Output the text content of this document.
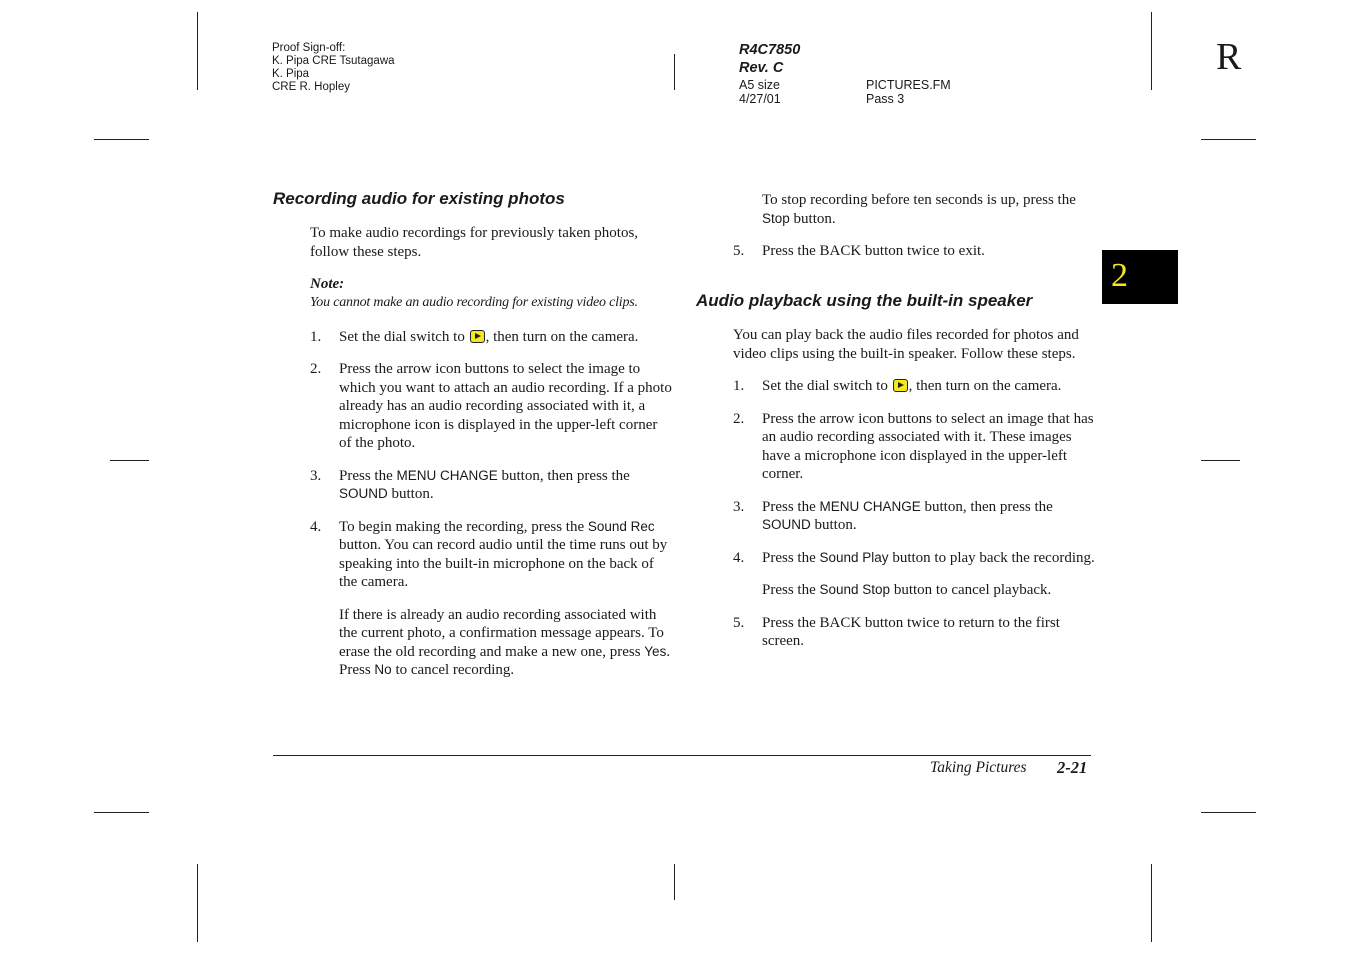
Proof Sign-off:
K. Pipa CRE Tsutagawa
K. Pipa
CRE R. Hopley
R4C7850
Rev. C
A5 size
4/27/01
PICTURES.FM
Pass 3
R
2
Recording audio for existing photos

To make audio recordings for previously taken photos, follow these steps.

Note:
You cannot make an audio recording for existing video clips.
1. Set the dial switch to , then turn on the camera.
2. Press the arrow icon buttons to select the image to which you want to attach an audio recording. If a photo already has an audio recording associated with it, a microphone icon is displayed in the upper-left corner of the photo.
3. Press the MENU CHANGE button, then press the SOUND button.
4. To begin making the recording, press the Sound Rec button. You can record audio until the time runs out by speaking into the built-in microphone on the back of the camera.
If there is already an audio recording associated with the current photo, a confirmation message appears. To erase the old recording and make a new one, press Yes. Press No to cancel recording.
To stop recording before ten seconds is up, press the Stop button.
5. Press the BACK button twice to exit.
Audio playback using the built-in speaker

You can play back the audio files recorded for photos and video clips using the built-in speaker. Follow these steps.

1. Set the dial switch to , then turn on the camera.
2. Press the arrow icon buttons to select an image that has an audio recording associated with it. These images have a microphone icon displayed in the upper-left corner.
3. Press the MENU CHANGE button, then press the SOUND button.
4. Press the Sound Play button to play back the recording.
Press the Sound Stop button to cancel playback.
5. Press the BACK button twice to return to the first screen.
Taking Pictures 2-21
